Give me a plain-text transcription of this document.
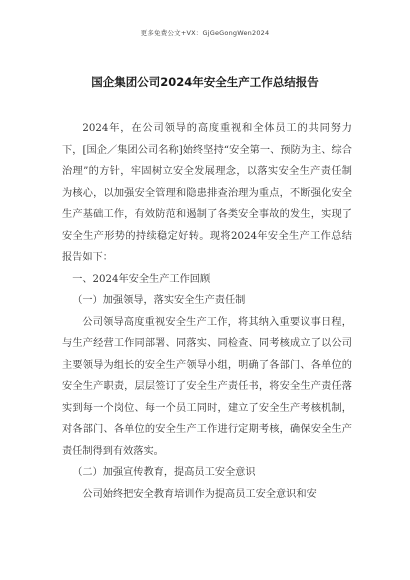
更多免费公文+VX：GjGeGongWen2024
国企集团公司2024年安全生产工作总结报告
2024年，在公司领导的高度重视和全体员工的共同努力下，[国企／集团公司名称]始终坚持“安全第一、预防为主、综合治理”的方针，牢固树立安全发展理念，以落实安全生产责任制为核心，以加强安全管理和隐患排查治理为重点，不断强化安全生产基础工作，有效防范和遏制了各类安全事故的发生，实现了安全生产形势的持续稳定好转。现将2024年安全生产工作总结报告如下：
一、2024年安全生产工作回顾
（一）加强领导，落实安全生产责任制
公司领导高度重视安全生产工作，将其纳入重要议事日程，与生产经营工作同部署、同落实、同检查、同考核成立了以公司主要领导为组长的安全生产领导小组，明确了各部门、各单位的安全生产职责，层层签订了安全生产责任书，将安全生产责任落实到每一个岗位、每一个员工同时，建立了安全生产考核机制，对各部门、各单位的安全生产工作进行定期考核，确保安全生产责任制得到有效落实。
（二）加强宣传教育，提高员工安全意识
公司始终把安全教育培训作为提高员工安全意识和安
